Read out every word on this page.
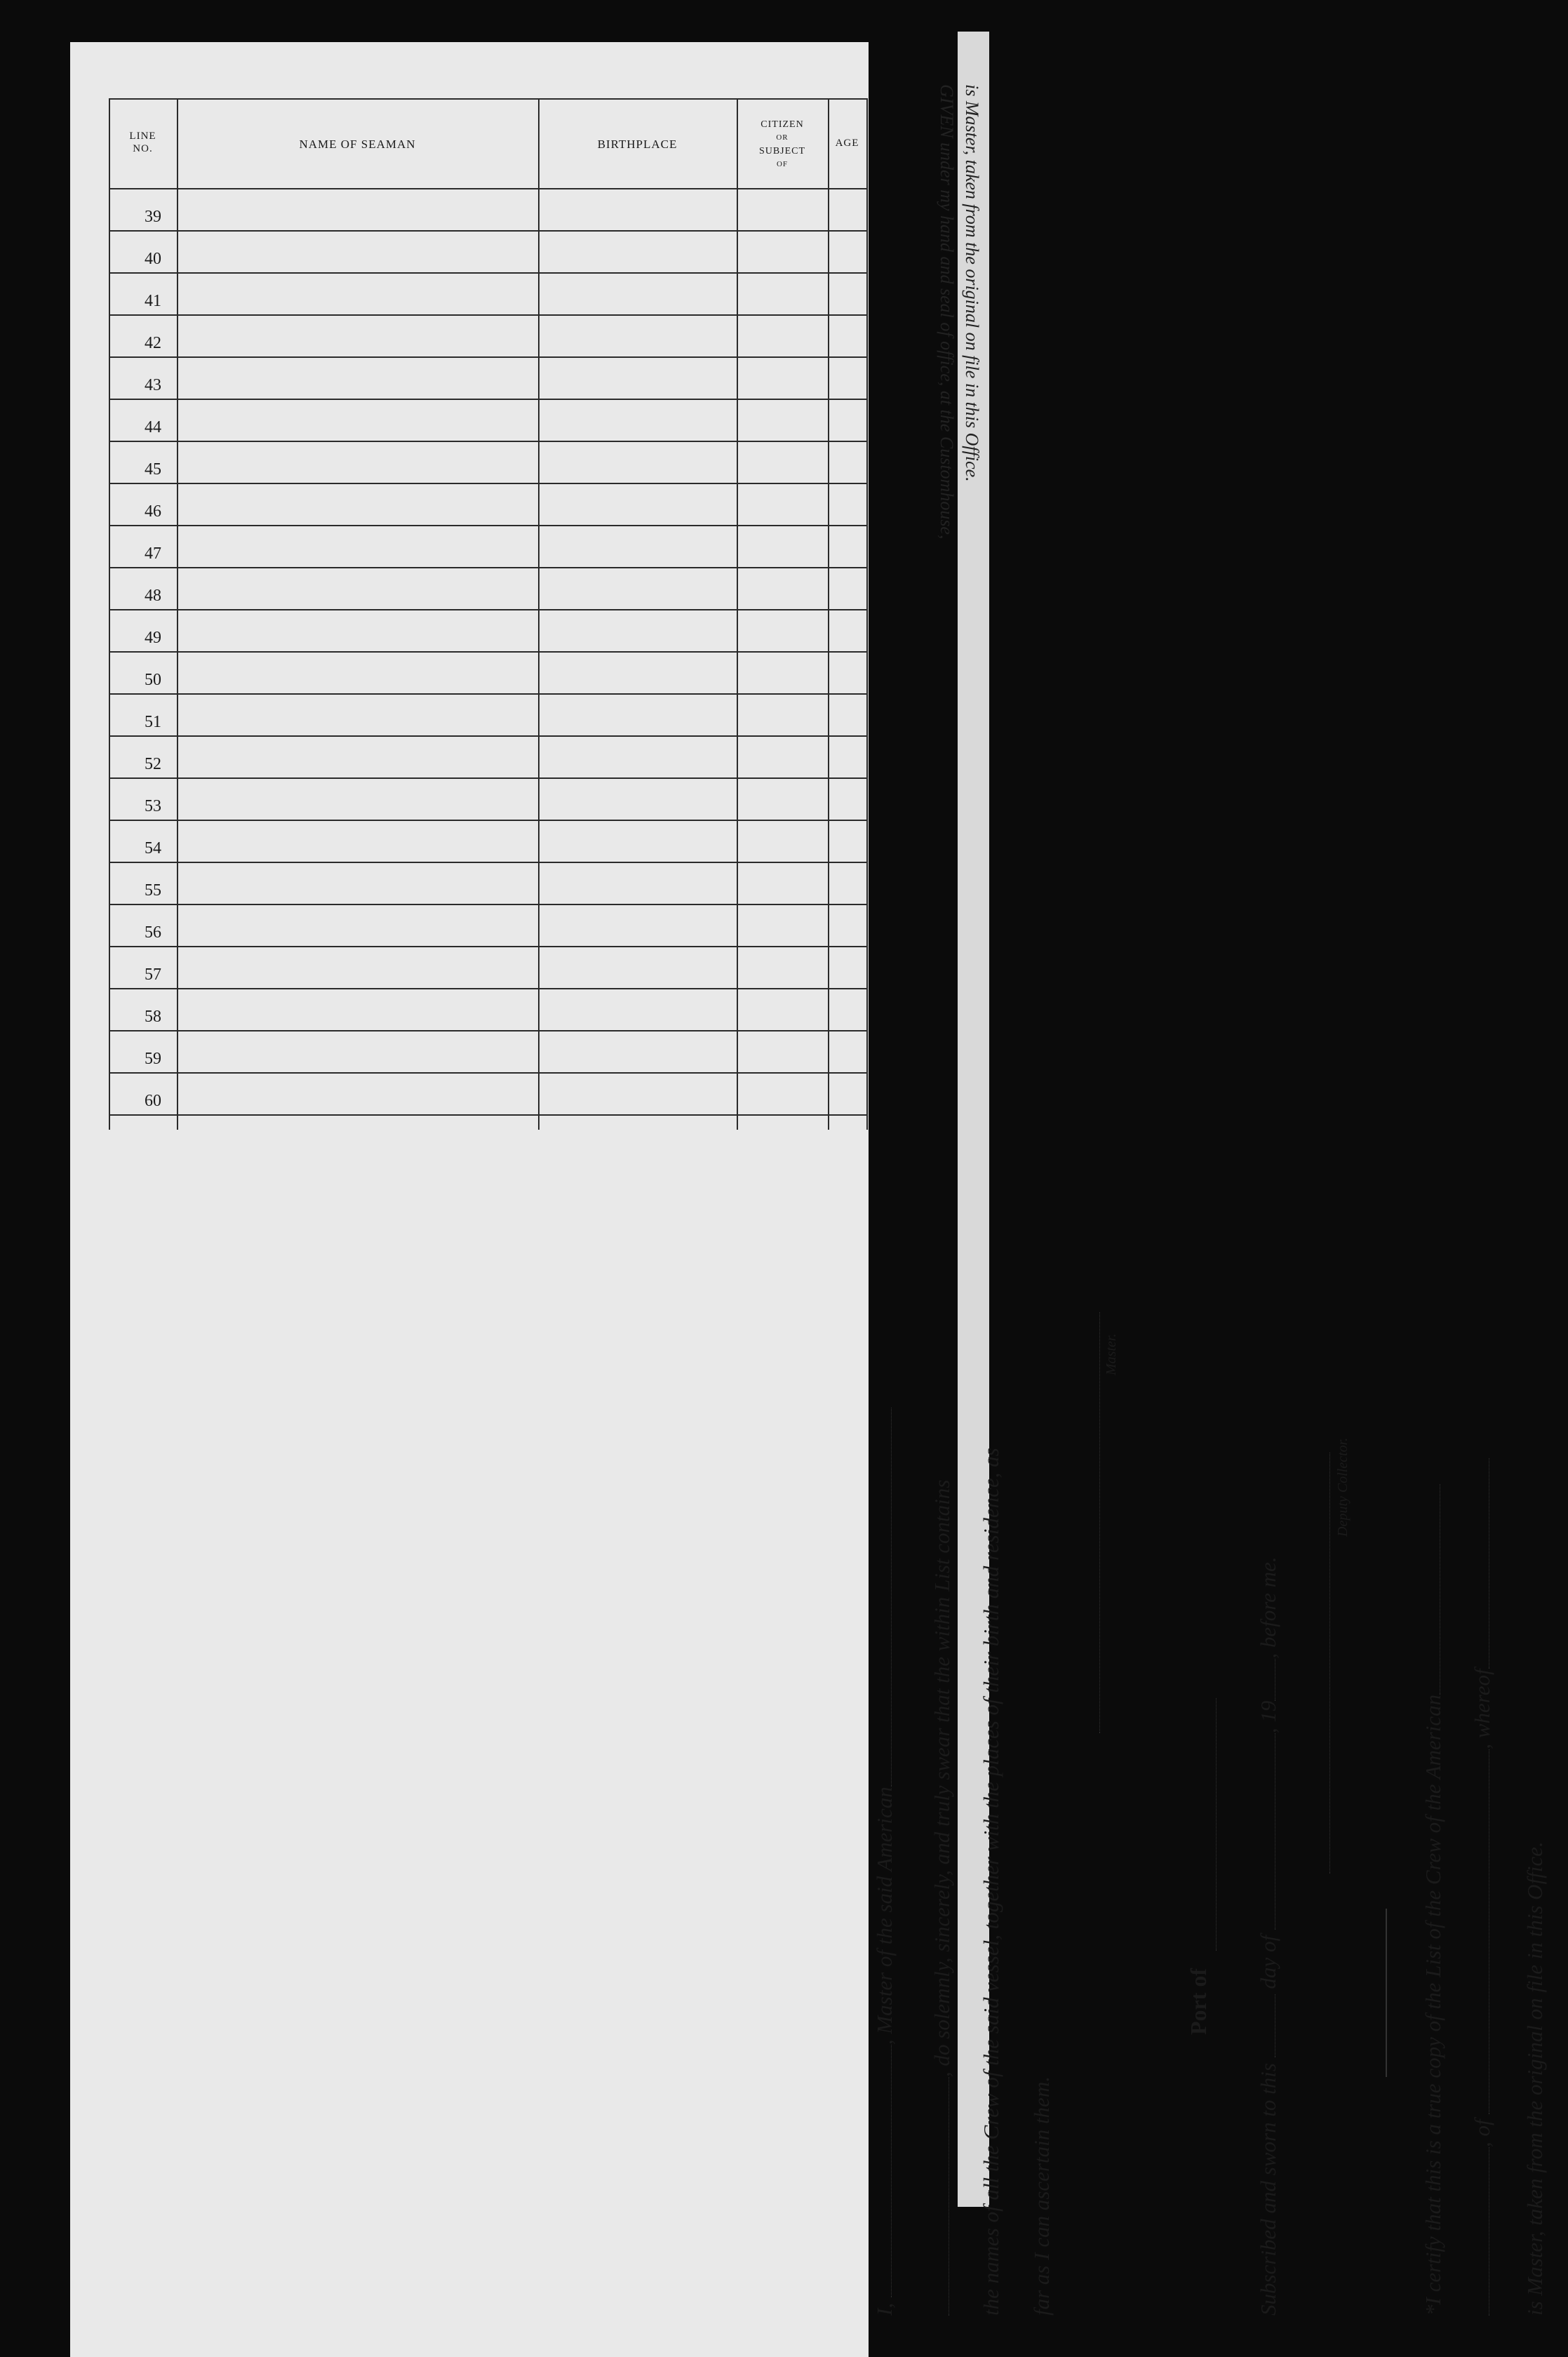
is Master, taken from the original on file in this Office.
GIVEN under my hand and seal of office, at the Customhouse,
LINE
NO.	NAME OF SEAMAN	BIRTHPLACE
CITIZEN
OR
SUBJECT
OF
AGE
39
40
41
42
43
44
45
46
47
48
49
50
51
52
53
54
55
56
57
58
59
60
I, , Master of the said American , do solemnly, sincerely, and truly swear that the within List contains the names of all the Crew of the said vessel, together with the places of their birth and residence, as far as I can ascertain them.
Master.
Port of
Subscribed and sworn to this  day of , 19, before me.
Deputy Collector.
*I certify that this is a true copy of the List of the Crew of the American , of , whereof
is Master, taken from the original on file in this Office.
